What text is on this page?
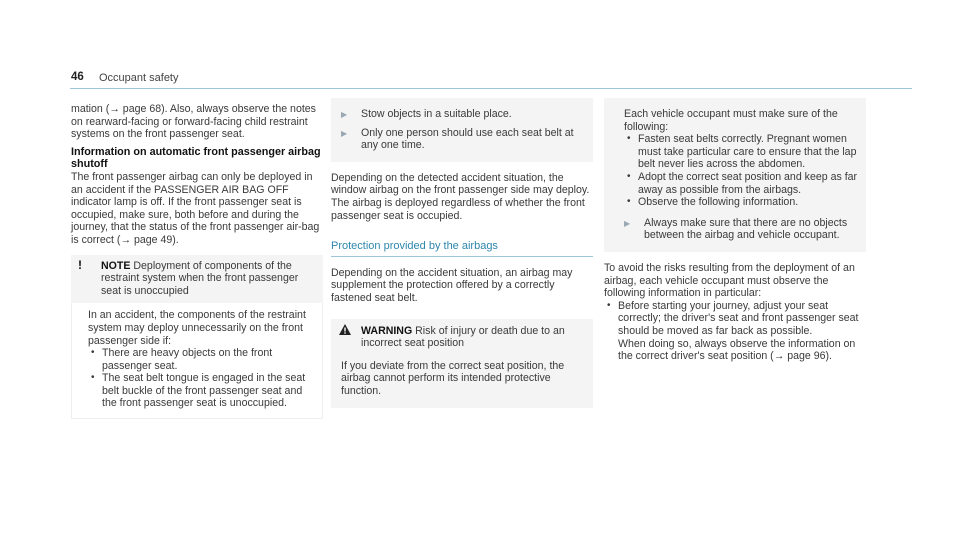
46 Occupant safety

mation (→ page 68). Also, always observe the notes on rearward-facing or forward-facing child restraint systems on the front passenger seat.

Information on automatic front passenger airbag
shutoff

The front passenger airbag can only be deployed in an accident if the PASSENGER AIR BAG OFF indicator lamp is off. If the front passenger seat is occupied, make sure, both before and during the journey, that the status of the front passenger air-bag is correct (→ page 49).

!	NOTE Deployment of components of the restraint system when the front passenger seat is unoccupied

In an accident, the components of the restraint system may deploy unnecessarily on the front passenger side if:

• There are heavy objects on the front passenger seat.
• The seat belt tongue is engaged in the seat belt buckle of the front passenger seat and the front passenger seat is unoccupied.
▶ Stow objects in a suitable place.
▶ Only one person should use each seat belt at any one time.

Depending on the detected accident situation, the window airbag on the front passenger side may deploy. The airbag is deployed regardless of whether the front passenger seat is occupied.

Protection provided by the airbags

Depending on the accident situation, an airbag may supplement the protection offered by a correctly fastened seat belt.

WARNING Risk of injury or death due to an incorrect seat position

If you deviate from the correct seat position, the airbag cannot perform its intended protective function.

Each vehicle occupant must make sure of the following:

• Fasten seat belts correctly. Pregnant women must take particular care to ensure that the lap belt never lies across the abdomen.
• Adopt the correct seat position and keep as far away as possible from the airbags.
• Observe the following information.
▶ Always make sure that there are no objects between the airbag and vehicle occupant.

To avoid the risks resulting from the deployment of an airbag, each vehicle occupant must observe the following information in particular:

• Before starting your journey, adjust your seat correctly; the driver's seat and front passenger seat should be moved as far back as possible.

When doing so, always observe the information on the correct driver's seat position (→ page 96).
